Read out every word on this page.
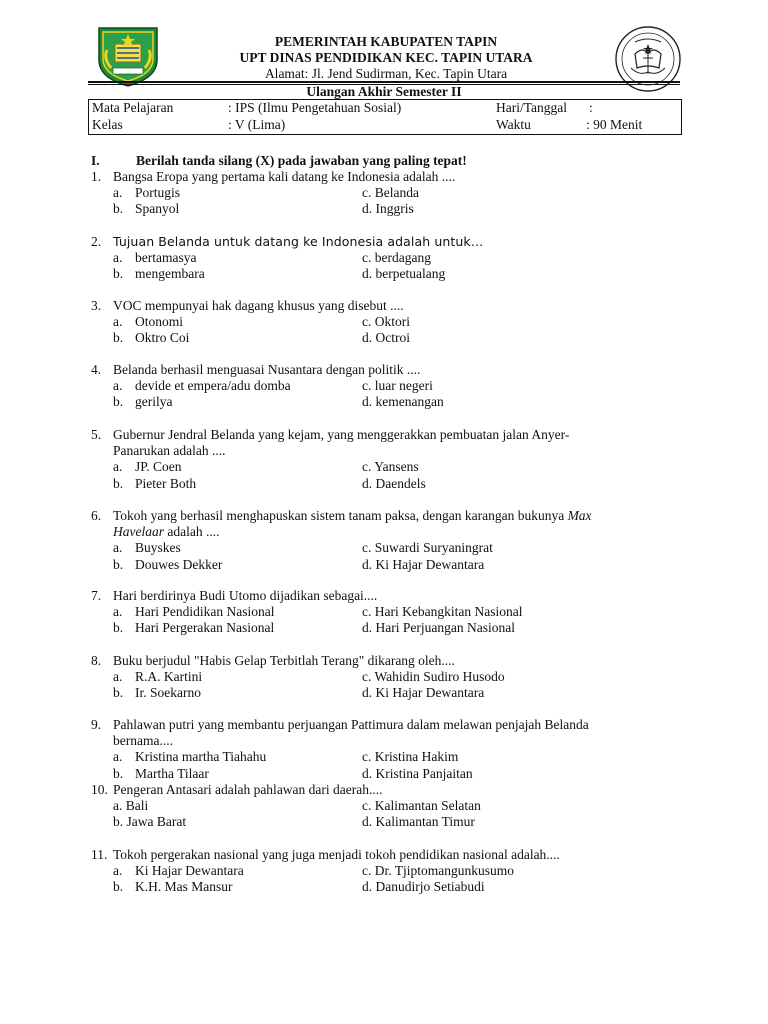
PEMERINTAH KABUPATEN TAPIN
UPT DINAS PENDIDIKAN KEC. TAPIN UTARA
Alamat: Jl. Jend Sudirman, Kec. Tapin Utara
Ulangan Akhir Semester II
Mata Pelajaran	: IPS (Ilmu Pengetahuan Sosial)	Hari/Tanggal :
Kelas	: V (Lima)	Waktu	: 90 Menit
I.	Berilah tanda silang (X) pada jawaban yang paling tepat!
1. Bangsa Eropa yang pertama kali datang ke Indonesia adalah ....
a. Portugis	c. Belanda
b. Spanyol	d. Inggris
2. Tujuan Belanda untuk datang ke Indonesia adalah untuk…
a. bertamasya	c. berdagang
b. mengembara	d. berpetualang
3. VOC mempunyai hak dagang khusus yang disebut ....
a. Otonomi	c. Oktori
b. Oktro Coi	d. Octroi
4. Belanda berhasil menguasai Nusantara dengan politik ....
a. devide et empera/adu domba	c. luar negeri
b. gerilya	d. kemenangan
5. Gubernur Jendral Belanda yang kejam, yang menggerakkan pembuatan jalan Anyer-
Panarukan adalah ....
a. JP. Coen	c. Yansens
b. Pieter Both	d. Daendels
6. Tokoh yang berhasil menghapuskan sistem tanam paksa, dengan karangan bukunya Max
Havelaar adalah ....
a. Buyskes	c. Suwardi Suryaningrat
b. Douwes Dekker	d. Ki Hajar Dewantara
7. Hari berdirinya Budi Utomo dijadikan sebagai....
a. Hari Pendidikan Nasional	c. Hari Kebangkitan Nasional
b. Hari Pergerakan Nasional	d. Hari Perjuangan Nasional
8. Buku berjudul "Habis Gelap Terbitlah Terang" dikarang oleh....
a. R.A. Kartini	c. Wahidin Sudiro Husodo
b. Ir. Soekarno	d. Ki Hajar Dewantara
9. Pahlawan putri yang membantu perjuangan Pattimura dalam melawan penjajah Belanda
bernama....
a. Kristina martha Tiahahu	c. Kristina Hakim
b. Martha Tilaar	d. Kristina Panjaitan
10. Pengeran Antasari adalah pahlawan dari daerah....
a. Bali	c. Kalimantan Selatan
b. Jawa Barat	d. Kalimantan Timur
11. Tokoh pergerakan nasional yang juga menjadi tokoh pendidikan nasional adalah....
a. Ki Hajar Dewantara	c. Dr. Tjiptomangunkusumo
b. K.H. Mas Mansur	d. Danudirjo Setiabudi
